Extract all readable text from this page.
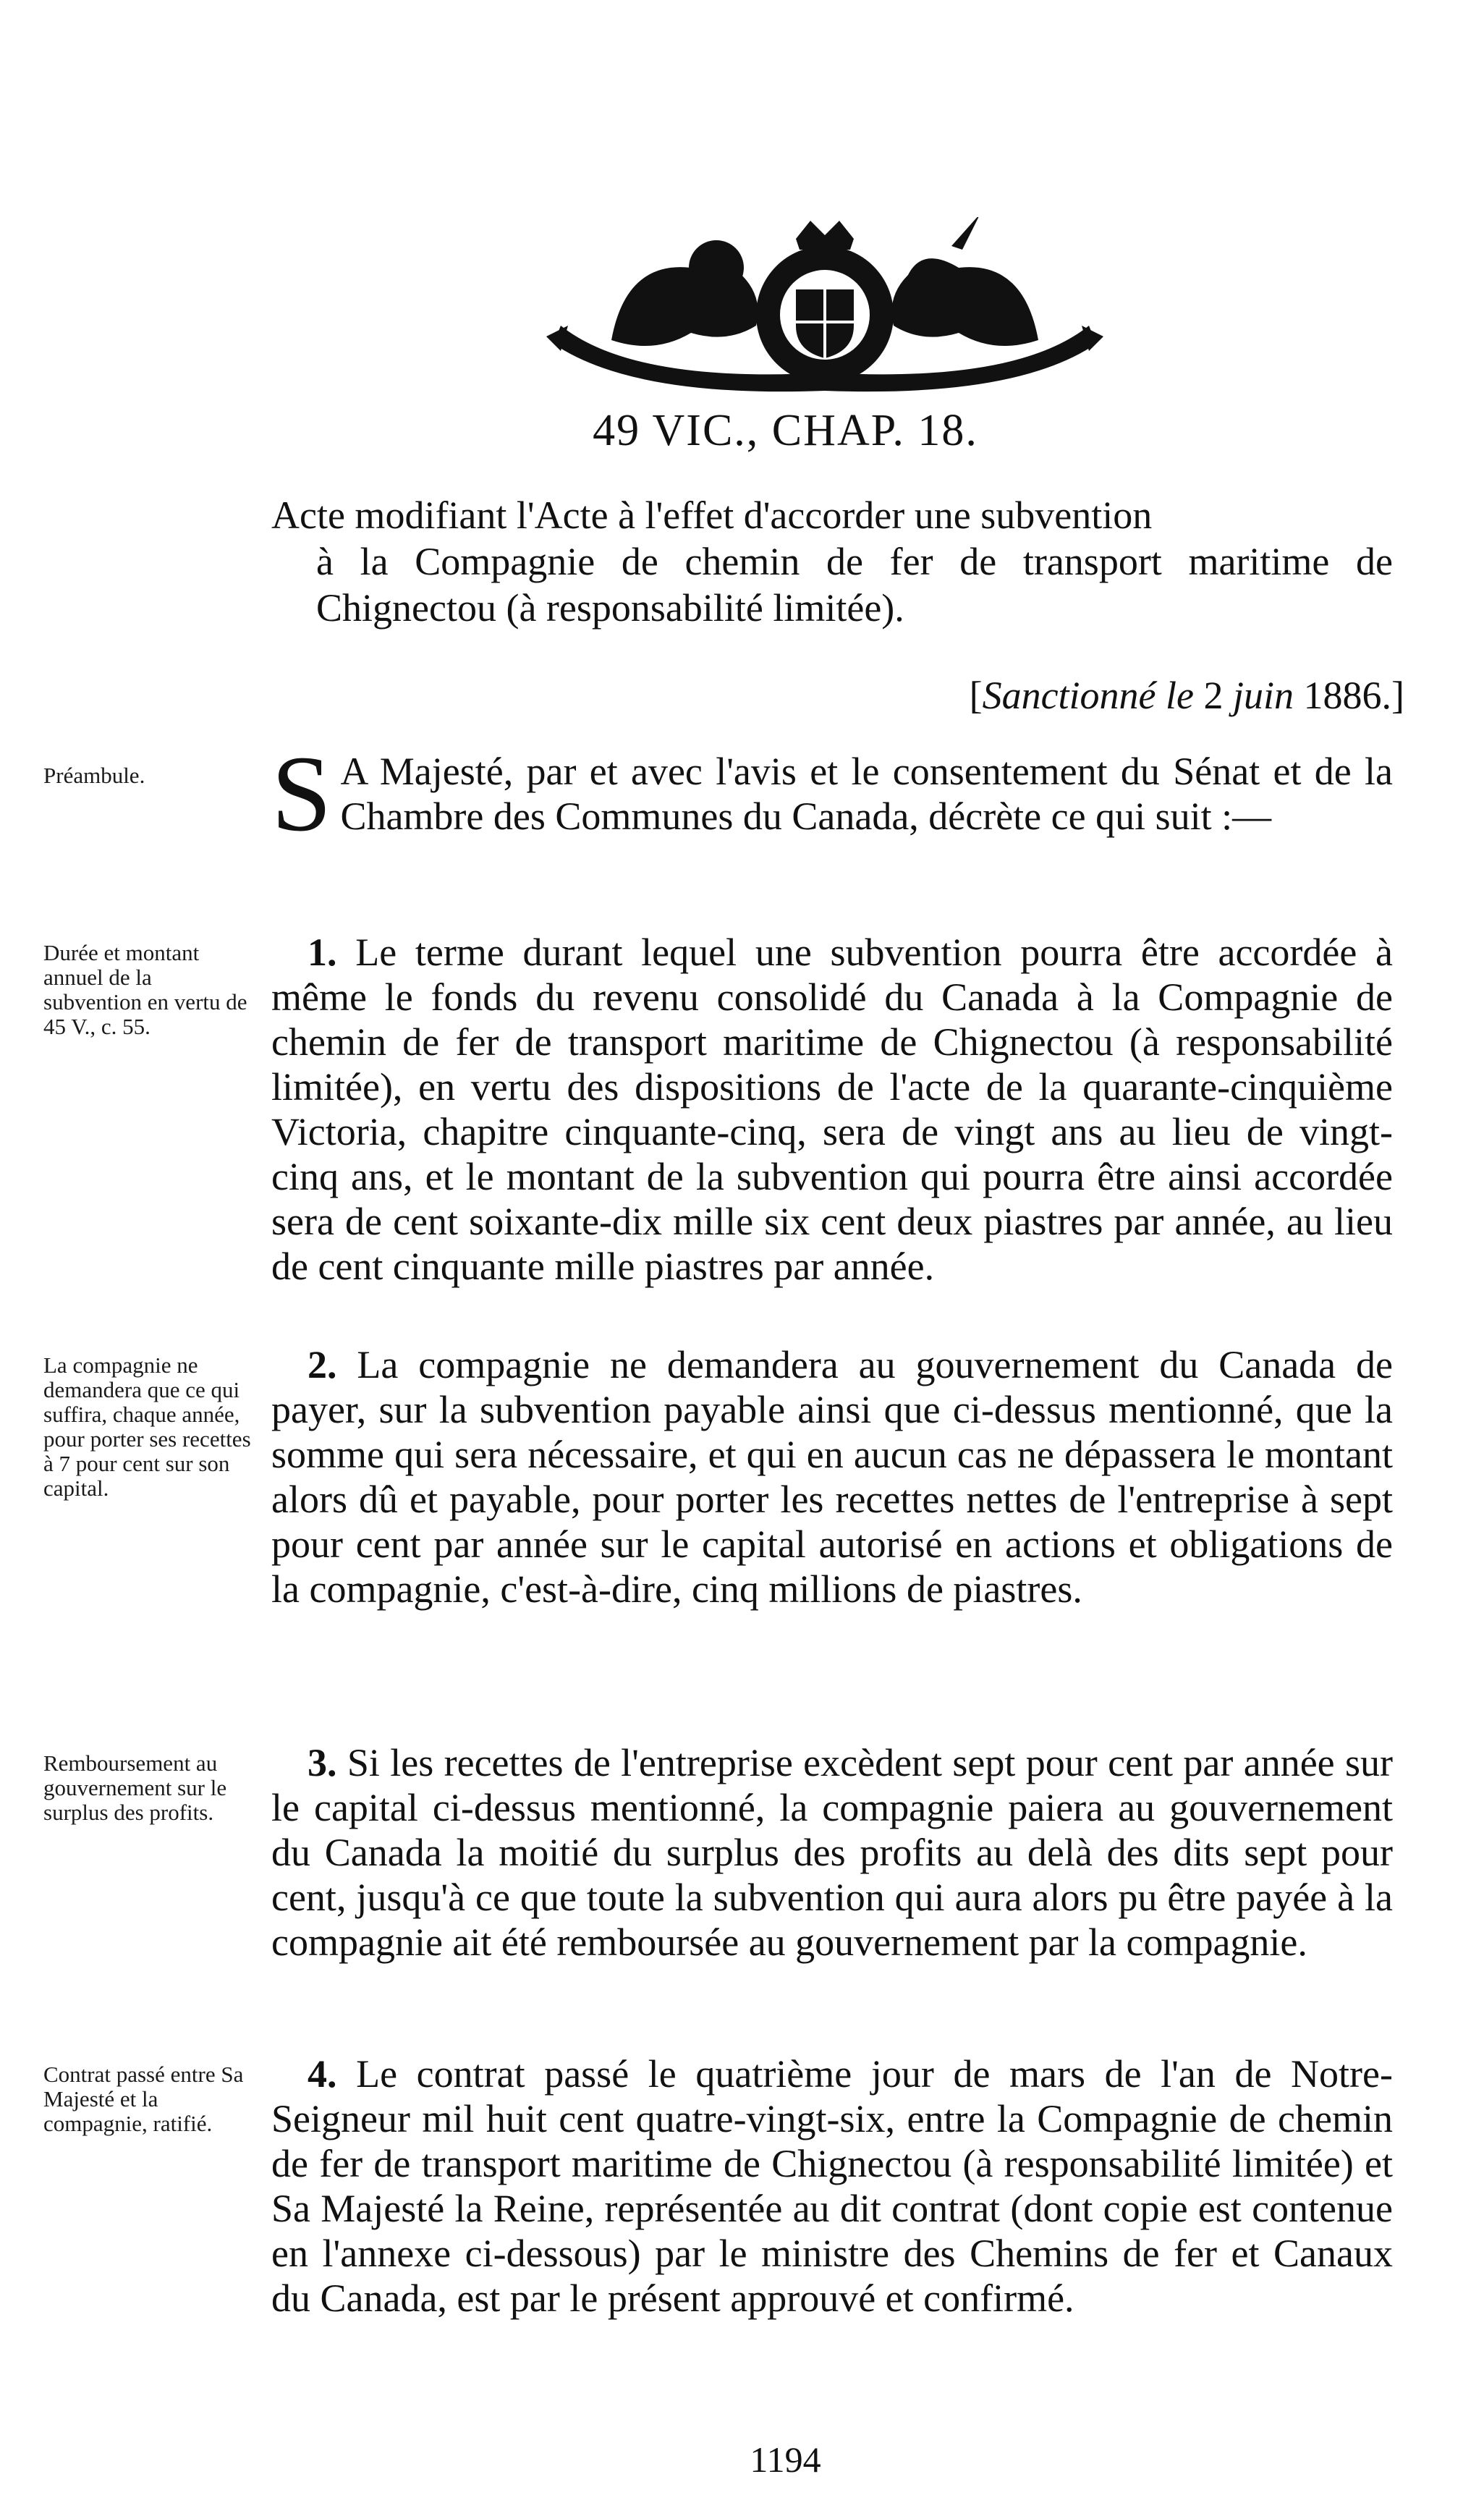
49 VIC., CHAP. 18.
Acte modifiant l'Acte à l'effet d'accorder une subvention
à la Compagnie de chemin de fer de transport maritime de Chignectou (à responsabilité limitée).
[Sanctionné le 2 juin 1886.]
Préambule.	S A Majesté, par et avec l'avis et le consentement du Sénat et de la Chambre des Communes du Canada, décrète ce qui suit :—
Durée et montant annuel de la subvention en vertu de 45 V., c. 55.
1. Le terme durant lequel une subvention pourra être accordée à même le fonds du revenu consolidé du Canada à la Compagnie de chemin de fer de transport maritime de Chignectou (à responsabilité limitée), en vertu des dispositions de l'acte de la quarante-cinquième Victoria, chapitre cinquante-cinq, sera de vingt ans au lieu de vingt-cinq ans, et le montant de la subvention qui pourra être ainsi accordée sera de cent soixante-dix mille six cent deux piastres par année, au lieu de cent cinquante mille piastres par année.
La compagnie ne demandera que ce qui suffira, chaque année, pour porter ses recettes à 7 pour cent sur son capital.
2. La compagnie ne demandera au gouvernement du Canada de payer, sur la subvention payable ainsi que ci-dessus mentionné, que la somme qui sera nécessaire, et qui en aucun cas ne dépassera le montant alors dû et payable, pour porter les recettes nettes de l'entreprise à sept pour cent par année sur le capital autorisé en actions et obligations de la compagnie, c'est-à-dire, cinq millions de piastres.
Remboursement au gouvernement sur le surplus des profits.
3. Si les recettes de l'entreprise excèdent sept pour cent par année sur le capital ci-dessus mentionné, la compagnie paiera au gouvernement du Canada la moitié du surplus des profits au delà des dits sept pour cent, jusqu'à ce que toute la subvention qui aura alors pu être payée à la compagnie ait été remboursée au gouvernement par la compagnie.
Contrat passé entre Sa Majesté et la compagnie, ratifié.
4. Le contrat passé le quatrième jour de mars de l'an de Notre-Seigneur mil huit cent quatre-vingt-six, entre la Compagnie de chemin de fer de transport maritime de Chignectou (à responsabilité limitée) et Sa Majesté la Reine, représentée au dit contrat (dont copie est contenue en l'annexe ci-dessous) par le ministre des Chemins de fer et Canaux du Canada, est par le présent approuvé et confirmé.
1194
